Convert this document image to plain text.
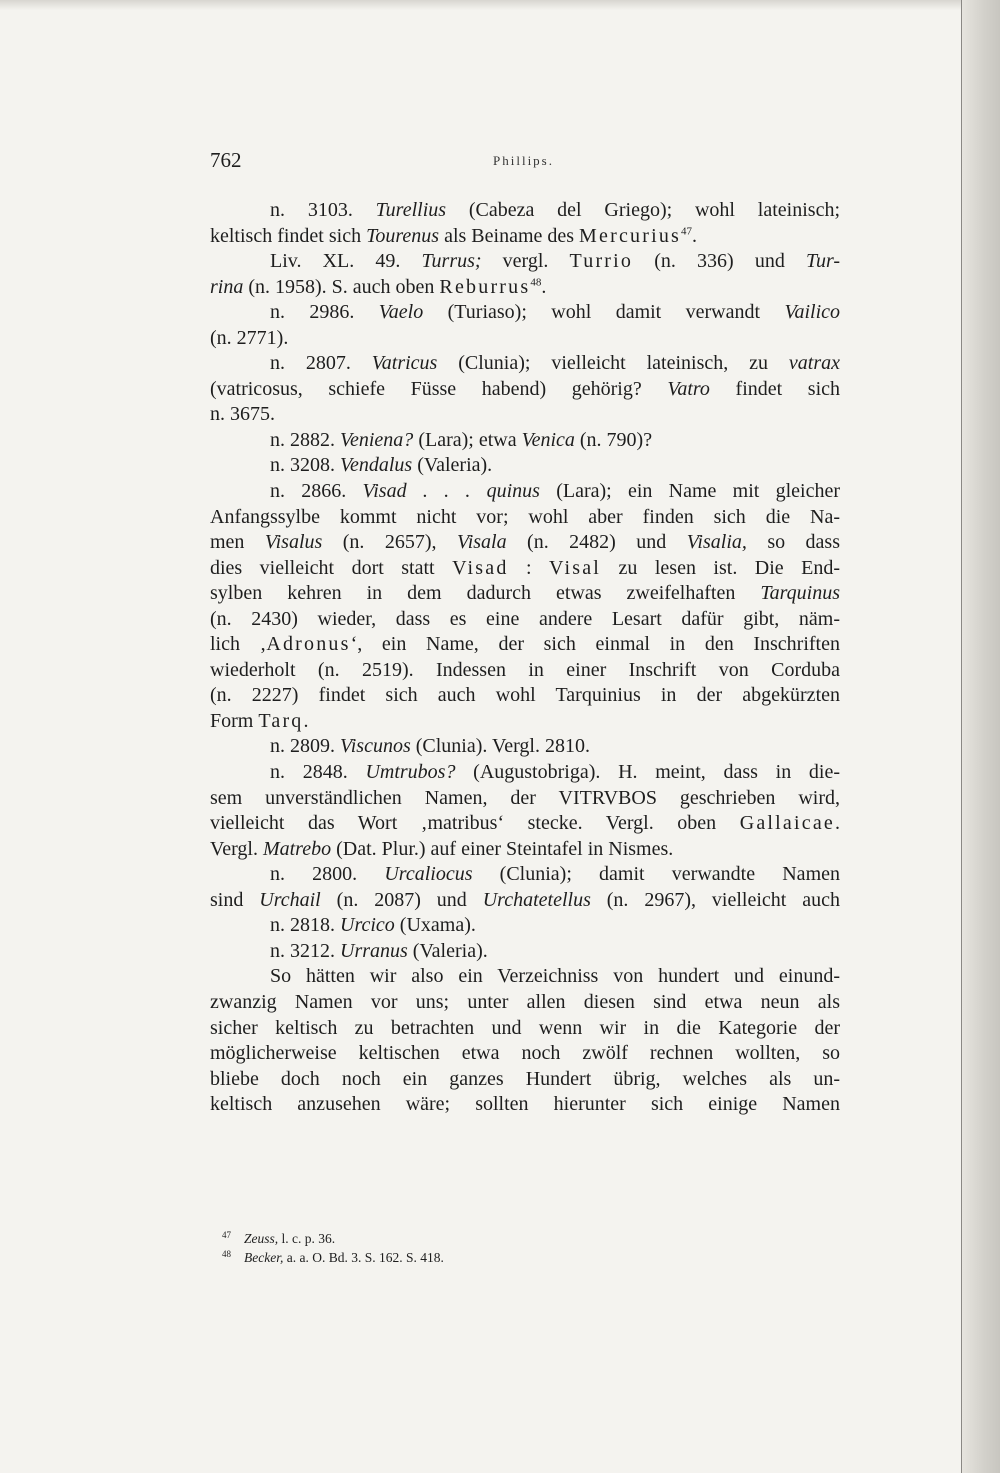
762	Phillips.
n. 3103. Turellius (Cabeza del Griego); wohl lateinisch;
keltisch findet sich Tourenus als Beiname des Mercurius$^{47}$.
Liv. XL. 49. Turrus; vergl. Turrio (n. 336) und Tur-
rina (n. 1958). S. auch oben Reburrus$^{48}$.
n. 2986. Vaelo (Turiaso); wohl damit verwandt Vailico
(n. 2771).
n. 2807. Vatricus (Clunia); vielleicht lateinisch, zu vatrax
(vatricosus, schiefe Füsse habend) gehörig? Vatro findet sich
n. 3675.
n. 2882. Veniena? (Lara); etwa Venica (n. 790)?
n. 3208. Vendalus (Valeria).
n. 2866. Visad . . . quinus (Lara); ein Name mit gleicher
Anfangssylbe kommt nicht vor; wohl aber finden sich die Na-
men Visalus (n. 2657), Visala (n. 2482) und Visalia, so dass
dies vielleicht dort statt Visad : Visal zu lesen ist. Die End-
sylben kehren in dem dadurch etwas zweifelhaften Tarquinus
(n. 2430) wieder, dass es eine andere Lesart dafür gibt, näm-
lich ‚Adronus‘, ein Name, der sich einmal in den Inschriften
wiederholt (n. 2519). Indessen in einer Inschrift von Corduba
(n. 2227) findet sich auch wohl Tarquinius in der abgekürzten
Form Tarq.
n. 2809. Viscunos (Clunia). Vergl. 2810.
n. 2848. Umtrubos? (Augustobriga). H. meint, dass in die-
sem unverständlichen Namen, der VITRVBOS geschrieben wird,
vielleicht das Wort ‚matribus‘ stecke. Vergl. oben Gallaicae.
Vergl. Matrebo (Dat. Plur.) auf einer Steintafel in Nismes.
n. 2800. Urcaliocus (Clunia); damit verwandte Namen
sind Urchail (n. 2087) und Urchatetellus (n. 2967), vielleicht auch
n. 2818. Urcico (Uxama).
n. 3212. Urranus (Valeria).
So hätten wir also ein Verzeichniss von hundert und einund-
zwanzig Namen vor uns; unter allen diesen sind etwa neun als
sicher keltisch zu betrachten und wenn wir in die Kategorie der
möglicherweise keltischen etwa noch zwölf rechnen wollten, so
bliebe doch noch ein ganzes Hundert übrig, welches als un-
keltisch anzusehen wäre; sollten hierunter sich einige Namen
$^{47}$ Zeuss, l. c. p. 36.
$^{48}$ Becker, a. a. O. Bd. 3. S. 162. S. 418.
